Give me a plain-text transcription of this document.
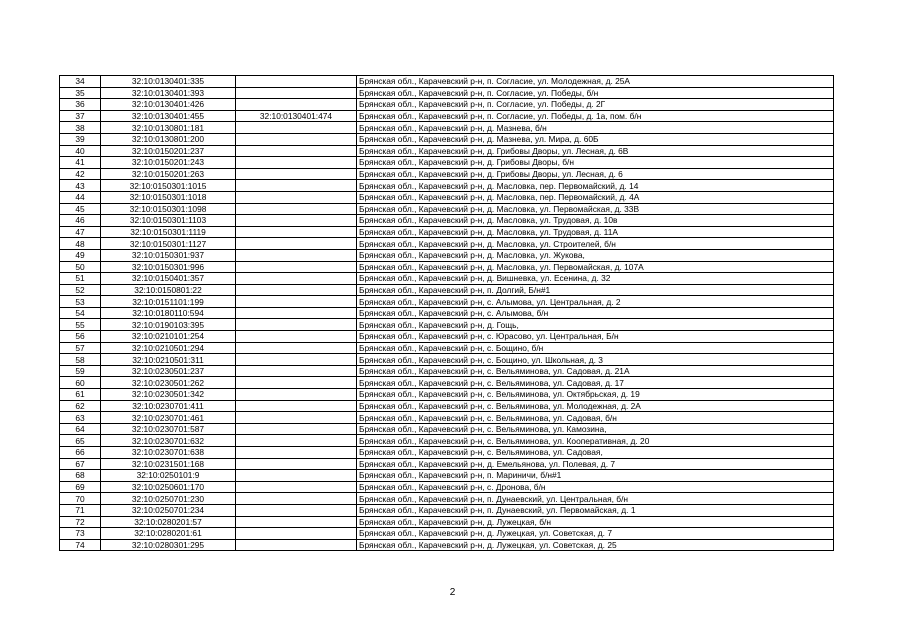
34	32:10:0130401:335		Брянская обл., Карачевский р-н, п. Согласие, ул. Молодежная, д. 25А
35	32:10:0130401:393		Брянская обл., Карачевский р-н, п. Согласие, ул. Победы, б/н
36	32:10:0130401:426		Брянская обл., Карачевский р-н, п. Согласие, ул. Победы, д. 2Г
37	32:10:0130401:455	32:10:0130401:474	Брянская обл., Карачевский р-н, п. Согласие, ул. Победы, д. 1а, пом. б/н
38	32:10:0130801:181		Брянская обл., Карачевский р-н, д. Мазнева, б/н
39	32:10:0130801:200		Брянская обл., Карачевский р-н, д. Мазнева, ул. Мира, д. 60Б
40	32:10:0150201:237		Брянская обл., Карачевский р-н, д. Грибовы Дворы, ул. Лесная, д. 6В
41	32:10:0150201:243		Брянская обл., Карачевский р-н, д. Грибовы Дворы, б/н
42	32:10:0150201:263		Брянская обл., Карачевский р-н, д. Грибовы Дворы, ул. Лесная, д. 6
43	32:10:0150301:1015		Брянская обл., Карачевский р-н, д. Масловка, пер. Первомайский, д. 14
44	32:10:0150301:1018		Брянская обл., Карачевский р-н, д. Масловка, пер. Первомайский, д. 4А
45	32:10:0150301:1098		Брянская обл., Карачевский р-н, д. Масловка, ул. Первомайская, д. 33В
46	32:10:0150301:1103		Брянская обл., Карачевский р-н, д. Масловка, ул. Трудовая, д. 10в
47	32:10:0150301:1119		Брянская обл., Карачевский р-н, д. Масловка, ул. Трудовая, д. 11А
48	32:10:0150301:1127		Брянская обл., Карачевский р-н, д. Масловка, ул. Строителей, б/н
49	32:10:0150301:937		Брянская обл., Карачевский р-н, д. Масловка, ул. Жукова,
50	32:10:0150301:996		Брянская обл., Карачевский р-н, д. Масловка, ул. Первомайская, д. 107А
51	32:10:0150401:357		Брянская обл., Карачевский р-н, д. Вишневка, ул. Есенина, д. 32
52	32:10:0150801:22		Брянская обл., Карачевский р-н, п. Долгий, Б/н#1
53	32:10:0151101:199		Брянская обл., Карачевский р-н, с. Алымова, ул. Центральная, д. 2
54	32:10:0180110:594		Брянская обл., Карачевский р-н, с. Алымова, б/н
55	32:10:0190103:395		Брянская обл., Карачевский р-н, д. Гощь,
56	32:10:0210101:254		Брянская обл., Карачевский р-н, с. Юрасово, ул. Центральная, Б/н
57	32:10:0210501:294		Брянская обл., Карачевский р-н, с. Бощино, б/н
58	32:10:0210501:311		Брянская обл., Карачевский р-н, с. Бощино, ул. Школьная, д. 3
59	32:10:0230501:237		Брянская обл., Карачевский р-н, с. Вельяминова, ул. Садовая, д. 21А
60	32:10:0230501:262		Брянская обл., Карачевский р-н, с. Вельяминова, ул. Садовая, д. 17
61	32:10:0230501:342		Брянская обл., Карачевский р-н, с. Вельяминова, ул. Октябрьская, д. 19
62	32:10:0230701:411		Брянская обл., Карачевский р-н, с. Вельяминова, ул. Молодежная, д. 2А
63	32:10:0230701:461		Брянская обл., Карачевский р-н, с. Вельяминова, ул. Садовая, б/н
64	32:10:0230701:587		Брянская обл., Карачевский р-н, с. Вельяминова, ул. Камозина,
65	32:10:0230701:632		Брянская обл., Карачевский р-н, с. Вельяминова, ул. Кооперативная, д. 20
66	32:10:0230701:638		Брянская обл., Карачевский р-н, с. Вельяминова, ул. Садовая,
67	32:10:0231501:168		Брянская обл., Карачевский р-н, д. Емельянова, ул. Полевая, д. 7
68	32:10:0250101:9		Брянская обл., Карачевский р-н, п. Мариничи, б/н#1
69	32:10:0250601:170		Брянская обл., Карачевский р-н, с. Дронова, б/н
70	32:10:0250701:230		Брянская обл., Карачевский р-н, п. Дунаевский, ул. Центральная, б/н
71	32:10:0250701:234		Брянская обл., Карачевский р-н, п. Дунаевский, ул. Первомайская, д. 1
72	32:10:0280201:57		Брянская обл., Карачевский р-н, д. Лужецкая, б/н
73	32:10:0280201:61		Брянская обл., Карачевский р-н, д. Лужецкая, ул. Советская, д. 7
74	32:10:0280301:295		Брянская обл., Карачевский р-н, д. Лужецкая, ул. Советская, д. 25
2
